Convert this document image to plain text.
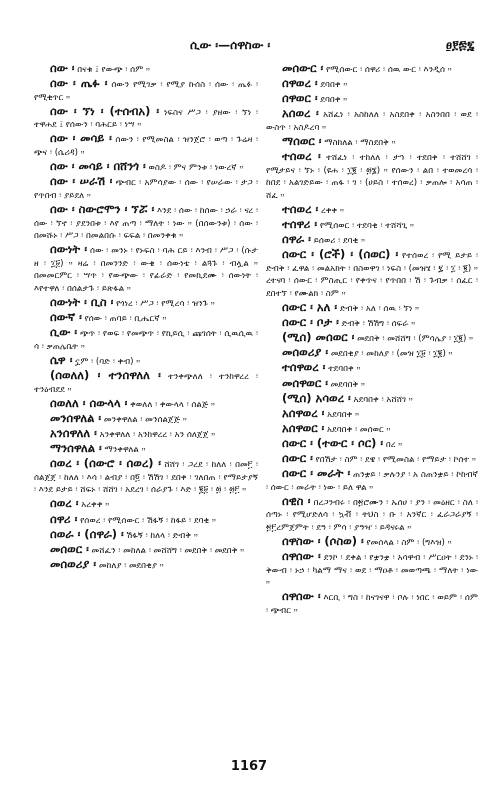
ሲው ፡—ሰዋስው ፡	ፀ፻፷፯

ሰው ፡ በናቁ ፤ የውጭ ፡ ሰም ።

ሰው ፡ ጤፉ ፡ ሰውን የሚገቃ ፡ የሚያ ኩሰስ ፡ ሰው ፡ ጤፉ ፡ የሚቂጥር ።

ሰው ፡ ኘነ ፡ (ተሰብአ) ፡ ነፍስና ሥጋ ፡ ያዘው ፡ ኘነ ፡ ተዋሐደ ፤ የሰውን ፡ ባሕርይ ፡ ነሣ ።

ሰው ፡ መሳይ ፡ ሰውን ፡ የሚመስል ፡ ዝንጀሮ ፡ ወጣ ፡ ጉሬዛ ፡ ጭና ፡ (ሴሪዳ) ።

ሰው ፡ መሳይ ፡ በሸንጎ ፡ ወስዶ ፡ ምና ምንቱ ፡ ነውረኛ ።

ሰው ፡ ሠራሽ ፡ ጭብር ፡ አምሳያው ፡ ሰው ፡ የሠራው ፡ ታጋ ፡ የጥበብ ፡ ያይደለ ።

ሰው ፡ ስውሮሞን ፡ ኘሯ ፡ እንደ ፡ ሰው ፡ ከሰው ፡ ኃራ ፡ ናረ ፡ ሰው ፡ ኘኖ ፡ ያደንበቱ ፡ እየ ጠጣ ፡ ማለት ፡ ነው ። (በሰውንቱ) ፡ ሰው ፡ በመሹኑ ፡ ሥጋ ፡ በመልበሱ ፡ ፍፍል ፡ በመንቀቁ ።

ሰውነት ፡ ሰው ፡ መንኑ ፡ የኑፍስ ፡ ባሕ ርይ ፡ እንብ ፡ ሥጋ ፡ (ሱታ ዘ ፡ ፲፱) ። ዛሬ ፡ በመንንድ ፡ ውቄ ፡ ሰውነቴ ፡ ልጓጉ ፡ ብሏል ። በመመርምር ፡ ሣጥ ፡ የውጭው ፡ የፊራድ ፡ የመኪደሙ ፡ ሰውነት ፡ እየተዋለ ፡ በሰልታጉ ፡ ይጽፋል ።

ሰውነት ፡ ቢስ ፡ የጎነረ ፡ ሥጋ ፡ የሚረሳ ፡ ዝንጉ ።

ሰውኛ ፡ የሰው ፡ ጠባይ ፡ ቢሔርኛ ።

ሲው ፡ ጭጥ ፡ የወፍ ፡ የመጭጥ ፡ የኪይሲ ፡ ጩገሰት ፡ ሲዉሲዉ ፡ ሳ ፡ ቃጠሌቤት ።

ሴዋ ፡ ኗም ፡ (ባድ ፡ ቀብ) ።

(ሰወለለ) ፡ ተንሰዋለለ ፡ ተንቀጭለለ ፡ ተንከዋረረ ፡ ተንዕብደደ ።

ሰወለለ ፡ ሰውላላ ፡ ቀወለለ ፡ ቀውላላ ፡ ሰልጅ ።

መንሰዋለል ፡ መንቀዋለል ፡ መንሰልጀጅ ።

አንሰዋለለ ፡ አንቀዋለለ ፡ አንከዋረረ ፡ አን ሰለጀጀ ።

ማንሰዋለል ፡ ማንቀዋለል ።

ሰወረ ፡ (ሰውሮ ፡ ሰወረ) ፡ ሸሸገ ፡ ጋረደ ፡ ከለለ ፡ በመ፫ ፡ ሰልጀጀ ፡ ከለለ ፡ እሳ ፡ ልብያ ፡ በ፬ ፡ ሽሽገ ፡ ደበቀ ፡ ገለበጠ ፡ የማይታያኝ ፡ እንደ ይታይ ፡ ሸፍኑ ፡ ሸሸገ ፡ አደረገ ፡ ሰራያጉ ፡ እድ ፡ ፪፱ ፡ ፴ ፡ ፴፫ ።

ሰወረ ፡ አረቀቀ ።

ሰዋሪ ፡ የሰወረ ፡ የሚሰውር ፡ ሽፋኝ ፡ ከፋይ ፡ ደባቂ ።

ሰወራ ፡ (ሰዋራ) ፡ ሽፋኝ ፡ ከለላ ፡ ድብቅ ።

መሰወር ፡ መሸፈን ፡ መከለል ፡ መሸሸግ ፡ መደበቅ ፡ መደበቅ ።

መሰወሪያ ፡ መከለያ ፡ መደበቂያ ።

መሰውር ፡ የሚሰውር ፡ ሰዋሪ ፡ ሰዉ ውር ፡ እንዲሰ ።

ሰዋወረ ፡ ደባበቀ ።

ሰዋወር ፡ ደባበቀ ።

አሰወረ ፡ አሸፈነ ፡ አስከለለ ፡ አስደበቀ ፡ አስንበበ ፡ ወደ ፡ ውስጥ ፡ አስዶረባ ።

ማሰወር ፡ ማስከለል ፡ ማስደበቅ ።

ተሰወረ ፡ ተሸፈነ ፡ ተከለለ ፡ ታኀ ፡ ተደበቀ ፡ ተሸሸገ ፡ የሚታይና ፡ ኘኑ ፡ (ዩሐ ፡ ፲፪ ፡ ፴፮) ። የሰውን ፡ ልበ ፡ ተወመረሳ ፡ ከበደ ፡ አልገድይው ፡ ጠፋ ፡ ገ ፡ (ሀይስ ፡ ተሰወረ) ፡ ቃጠሎ ፡ አሳጠ ፡ ሸፈ ።

ተሰወረ ፡ ረቀቀ ።

ተሰዋሪ ፡ የሚሰወር ፡ ተደባቂ ፡ ተሸሻጊ ።

ሰዋራ ፡ ይሰወሪ ፡ ደባቂ ።

ሰውር ፡ (ሮች) ፡ (ሰወር) ፡ የተሰወረ ፡ የሚ ይታይ ፡ ድብቅ ፡ ፈዋል ፡ መልአክት ፡ በስወዋገ ፡ ነፍስ ፡ (መዝሄ ፡ ፯ ፡ ፲ ፡ ፪) ። ረተናባ ፡ ሰውር ፡ ምስጢር ፡ የቀጥና ፡ የጥበበ ፡ ሽ ፡ ጉብቃ ፡ ሰፈር ፡ ደበተኘ ፡ የሙልክ ፡ ስም ።

ሰውር ፡ አለ ፡ ድብቅ ፡ አለ ፡ ሰዉ ፡ ኘነ ።

ሰውር ፡ ቦታ ፡ ድብቅ ፡ ሽሽግ ፡ ሰፍራ ።

(ሚሰ) መሰወር ፡ መደበቅ ፡ መሸሸግ ፡ (ምሳሌያ ፡ ፲፪) ።

መሰወሪያ ፡ መደበቂያ ፡ መከለያ ፡ (መዝ ፲፱ ፡ ፲፪) ።

ተሰዋወረ ፡ ተደባበቀ ።

መሰዋወር ፡ መደባበቅ ።

(ሚሰ) አሳወረ ፡ አደባበቀ ፡ አሸሸገ ።

አሰዋወረ ፡ አደባበቀ ።

አሰዋወር ፡ አደባበቀ ፡ መሰወር ።

ሰውር ፡ (ተውር ፡ ሶር) ፡ በረ ።

ሰውር ፡ የበሽታ ፡ ስም ፡ ደዌ ፡ የሚመስል ፡ የማይታ ፡ ኮሰተ ።

ሰውር ፡ መራት ፡ ጠንቋይ ፡ ቃሉንያ ፡ አ ስጠንቋይ ፡ ኮከብኛ ፡ ሰውር ፡ መራት ፡ ነው ፡ ይለ ዋል ።

ሰዊስ ፡ በረጋንብሩ ፡ በ፳ሮሙን ፡ ኡሰሀ ፡ ያን ፡ መዕዘር ፡ ስለ ፡ ሰጣኑ ፡ የሚሆድለሳ ፡ ኳቭ ፡ ትህስ ፡ ቡ ፡ አንኛር ፡ ፈራጋራያኝ ፡ ፳፫ረምጀምት ፡ ደዓ ፡ ምሳ ፡ ያዓዣ ፡ ይዳናሩል ።

ሰዋስው ፡ (ሶስወ) ፡ የመሰላል ፡ ስም ፡ (ግእዝ) ።

ሰዋሰው ፡ ደንኮ ፡ ደቀል ፡ የቋንቋ ፡ አሳዋብ ፡ ሥርዐት ፡ ደንኑ ፡ ቅውብ ፡ ኑኃ ፡ ካልማ ማና ፡ ወደ ፡ ማዐቶ ፡ መወጣጫ ፡ ማለት ፡ ነው ።

ሰዋሰው ፡ እርቢ ፡ ግስ ፡ ከናገናዋ ፡ ቦሉ ፡ ነበር ፡ ወይም ፡ ሰም ፡ ጭብር ።

1167
